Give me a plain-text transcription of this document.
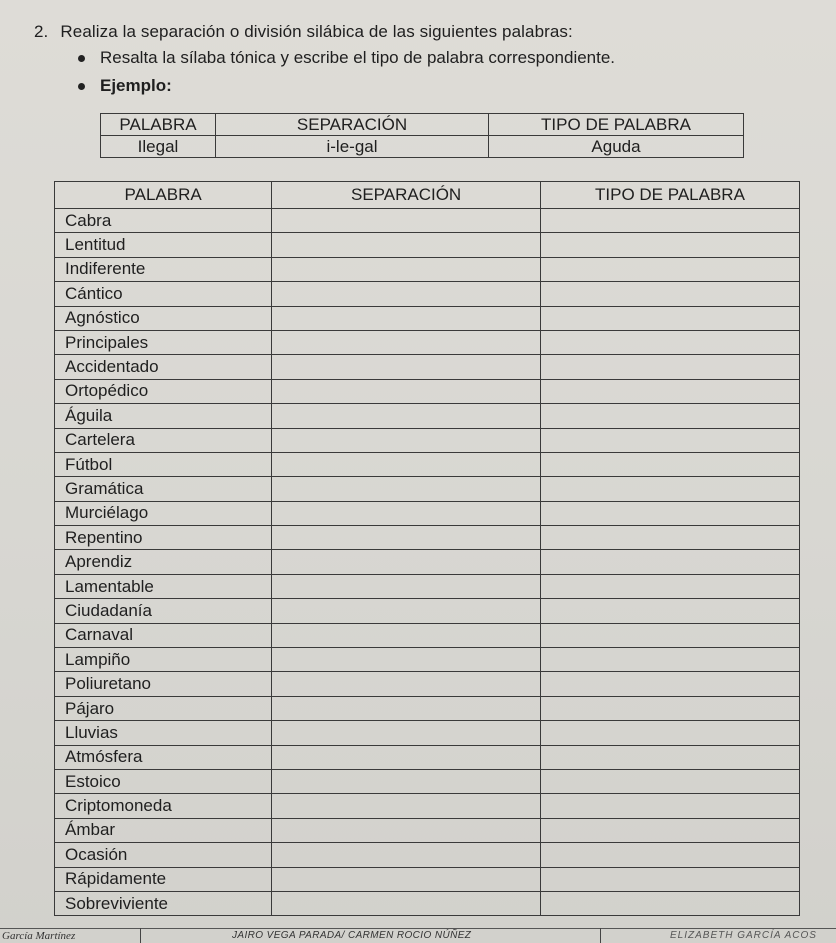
2. Realiza la separación o división silábica de las siguientes palabras:
Resalta la sílaba tónica y escribe el tipo de palabra correspondiente.
Ejemplo:
PALABRA	SEPARACIÓN	TIPO DE PALABRA
Ilegal	i-le-gal	Aguda
PALABRA	SEPARACIÓN	TIPO DE PALABRA
Cabra		
Lentitud		
Indiferente		
Cántico		
Agnóstico		
Principales		
Accidentado		
Ortopédico		
Águila		
Cartelera		
Fútbol		
Gramática		
Murciélago		
Repentino		
Aprendiz		
Lamentable		
Ciudadanía		
Carnaval		
Lampiño		
Poliuretano		
Pájaro		
Lluvias		
Atmósfera		
Estoico		
Criptomoneda		
Ámbar		
Ocasión		
Rápidamente		
Sobreviviente		
García Martínez	JAIRO VEGA PARADA/ CARMEN ROCIO NÚÑEZ	ELIZABETH GARCÍA ACOS
